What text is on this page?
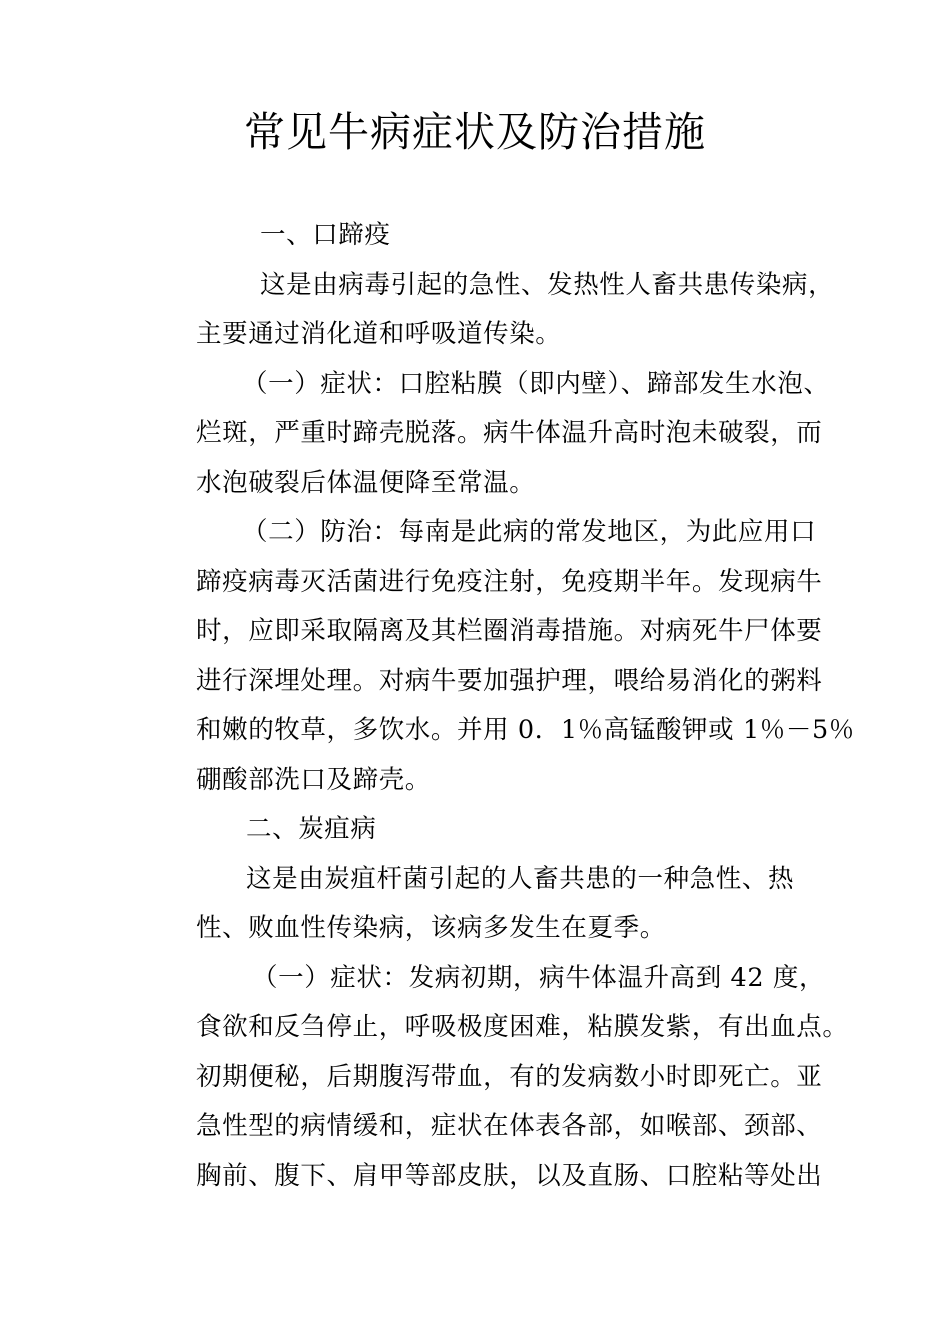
常见牛病症状及防治措施
一、口蹄疫
这是由病毒引起的急性、发热性人畜共患传染病，
主要通过消化道和呼吸道传染。
（一）症状：口腔粘膜（即内壁）、蹄部发生水泡、
烂斑，严重时蹄壳脱落。病牛体温升高时泡未破裂，而
水泡破裂后体温便降至常温。
（二）防治：每南是此病的常发地区，为此应用口
蹄疫病毒灭活菌进行免疫注射，免疫期半年。发现病牛
时，应即采取隔离及其栏圈消毒措施。对病死牛尸体要
进行深埋处理。对病牛要加强护理，喂给易消化的粥料
和嫩的牧草，多饮水。并用 0．1％高锰酸钾或 1％－5％
硼酸部洗口及蹄壳。
二、炭疽病
这是由炭疽杆菌引起的人畜共患的一种急性、热
性、败血性传染病，该病多发生在夏季。
（一）症状：发病初期，病牛体温升高到 42 度，
食欲和反刍停止，呼吸极度困难，粘膜发紫，有出血点。
初期便秘，后期腹泻带血，有的发病数小时即死亡。亚
急性型的病情缓和，症状在体表各部，如喉部、颈部、
胸前、腹下、肩甲等部皮肤，以及直肠、口腔粘等处出
